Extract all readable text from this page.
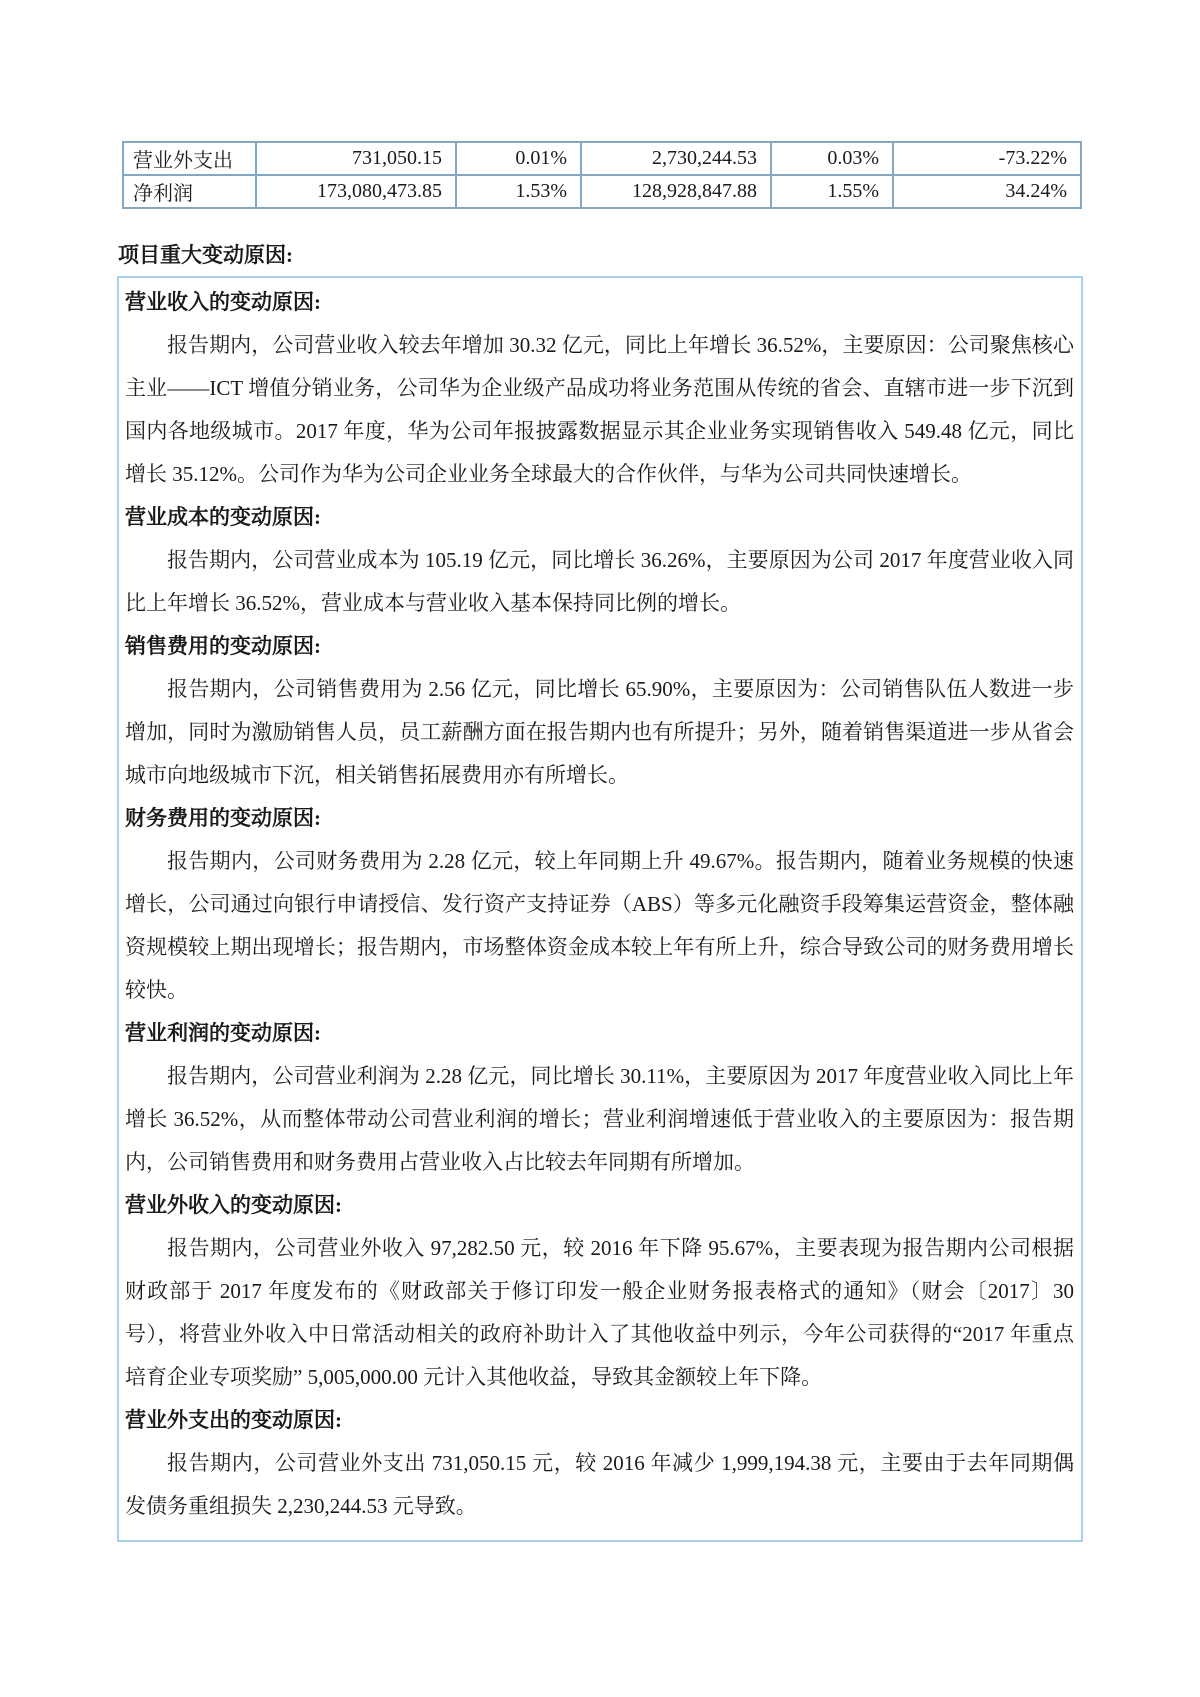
营业外支出	731,050.15	0.01%	2,730,244.53	0.03%	-73.22%
净利润	173,080,473.85	1.53%	128,928,847.88	1.55%	34.24%
项目重大变动原因:
营业收入的变动原因:

报告期内，公司营业收入较去年增加 30.32 亿元，同比上年增长 36.52%，主要原因：公司聚焦核心主业——ICT 增值分销业务，公司华为企业级产品成功将业务范围从传统的省会、直辖市进一步下沉到国内各地级城市。2017 年度，华为公司年报披露数据显示其企业业务实现销售收入 549.48 亿元，同比增长 35.12%。公司作为华为公司企业业务全球最大的合作伙伴，与华为公司共同快速增长。

营业成本的变动原因:

报告期内，公司营业成本为 105.19 亿元，同比增长 36.26%，主要原因为公司 2017 年度营业收入同比上年增长 36.52%，营业成本与营业收入基本保持同比例的增长。

销售费用的变动原因:

报告期内，公司销售费用为 2.56 亿元，同比增长 65.90%，主要原因为：公司销售队伍人数进一步增加，同时为激励销售人员，员工薪酬方面在报告期内也有所提升；另外，随着销售渠道进一步从省会城市向地级城市下沉，相关销售拓展费用亦有所增长。

财务费用的变动原因:

报告期内，公司财务费用为 2.28 亿元，较上年同期上升 49.67%。报告期内，随着业务规模的快速增长，公司通过向银行申请授信、发行资产支持证券（ABS）等多元化融资手段筹集运营资金，整体融资规模较上期出现增长；报告期内，市场整体资金成本较上年有所上升，综合导致公司的财务费用增长较快。

营业利润的变动原因:

报告期内，公司营业利润为 2.28 亿元，同比增长 30.11%，主要原因为 2017 年度营业收入同比上年增长 36.52%，从而整体带动公司营业利润的增长；营业利润增速低于营业收入的主要原因为：报告期内，公司销售费用和财务费用占营业收入占比较去年同期有所增加。

营业外收入的变动原因:

报告期内，公司营业外收入 97,282.50 元，较 2016 年下降 95.67%，主要表现为报告期内公司根据财政部于 2017 年度发布的《财政部关于修订印发一般企业财务报表格式的通知》（财会〔2017〕30 号），将营业外收入中日常活动相关的政府补助计入了其他收益中列示，今年公司获得的“2017 年重点培育企业专项奖励” 5,005,000.00 元计入其他收益，导致其金额较上年下降。

营业外支出的变动原因:

报告期内，公司营业外支出 731,050.15 元，较 2016 年减少 1,999,194.38 元，主要由于去年同期偶发债务重组损失 2,230,244.53 元导致。
